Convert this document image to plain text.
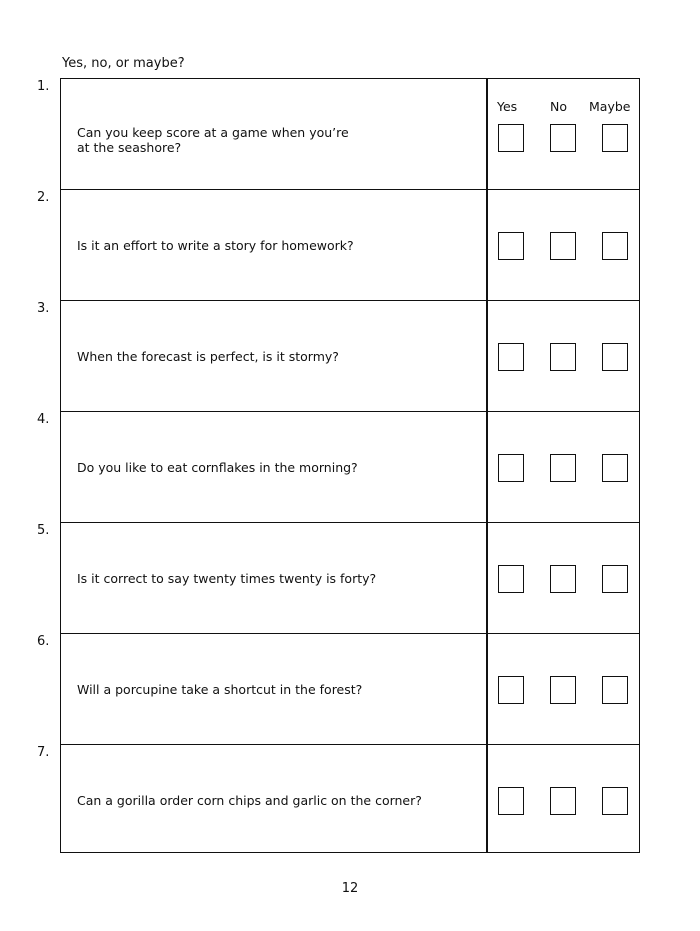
Yes, no, or maybe?
1.
Can you keep score at a game when you’re
at the seashore?
Yes	No Maybe
2.
Is it an effort to write a story for homework?
3.
When the forecast is perfect, is it stormy?
4.
Do you like to eat cornflakes in the morning?
5.
Is it correct to say twenty times twenty is forty?
6.
Will a porcupine take a shortcut in the forest?
7.
Can a gorilla order corn chips and garlic on the corner?
12
